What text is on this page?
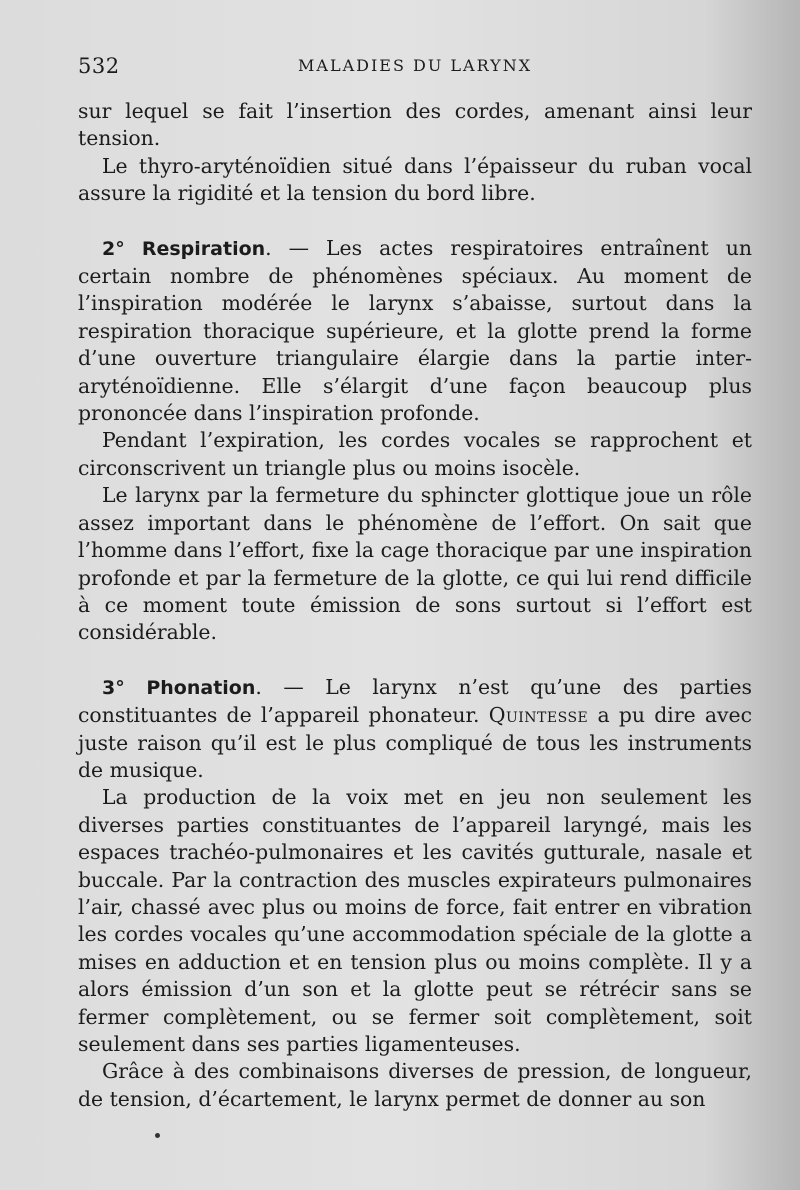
532	MALADIES DU LARYNX

sur lequel se fait l’insertion des cordes, amenant ainsi leur tension.

Le thyro-aryténoïdien situé dans l’épaisseur du ruban vocal assure la rigidité et la tension du bord libre.

2° Respiration. — Les actes respiratoires entraînent un certain nombre de phénomènes spéciaux. Au moment de l’inspiration modérée le larynx s’abaisse, surtout dans la respiration thoracique supérieure, et la glotte prend la forme d’une ouverture triangulaire élargie dans la partie inter-aryténoïdienne. Elle s’élargit d’une façon beaucoup plus prononcée dans l’inspiration profonde.

Pendant l’expiration, les cordes vocales se rapprochent et circonscrivent un triangle plus ou moins isocèle.

Le larynx par la fermeture du sphincter glottique joue un rôle assez important dans le phénomène de l’effort. On sait que l’homme dans l’effort, fixe la cage thoracique par une inspiration profonde et par la fermeture de la glotte, ce qui lui rend difficile à ce moment toute émission de sons surtout si l’effort est considérable.

3° Phonation. — Le larynx n’est qu’une des parties constituantes de l’appareil phonateur. Quintesse a pu dire avec juste raison qu’il est le plus compliqué de tous les instruments de musique.

La production de la voix met en jeu non seulement les diverses parties constituantes de l’appareil laryngé, mais les espaces trachéo-pulmonaires et les cavités gutturale, nasale et buccale. Par la contraction des muscles expirateurs pulmonaires l’air, chassé avec plus ou moins de force, fait entrer en vibration les cordes vocales qu’une accommodation spéciale de la glotte a mises en adduction et en tension plus ou moins complète. Il y a alors émission d’un son et la glotte peut se rétrécir sans se fermer complètement, ou se fermer soit complètement, soit seulement dans ses parties ligamenteuses.

Grâce à des combinaisons diverses de pression, de longueur, de tension, d’écartement, le larynx permet de donner au son
